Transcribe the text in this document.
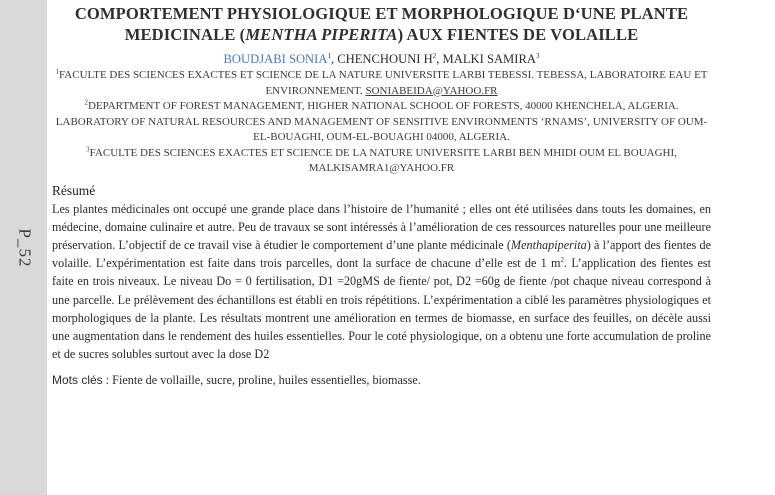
P_52
COMPORTEMENT PHYSIOLOGIQUE ET MORPHOLOGIQUE D‘UNE PLANTE
MEDICINALE (MENTHA PIPERITA) AUX FIENTES DE VOLAILLE
BOUDJABI SONIA$^1$, CHENCHOUNI $H^2$, MALKI SAMIRA$^3$

$^1$FACULTE DES SCIENCES EXACTES ET SCIENCE DE LA NATURE UNIVERSITE LARBI TEBESSI. TEBESSA, LABORATOIRE EAU ET ENVIRONNEMENT. SONIABEIDA@YAHOO.FR

$^2$DEPARTMENT OF FOREST MANAGEMENT, HIGHER NATIONAL SCHOOL OF FORESTS, 40000 KHENCHELA, ALGERIA.

LABORATORY OF NATURAL RESOURCES AND MANAGEMENT OF SENSITIVE ENVIRONMENTS ‘RNAMS’, UNIVERSITY OF OUM-EL-BOUAGHI, OUM-EL-BOUAGHI 04000, ALGERIA.

$^3$FACULTE DES SCIENCES EXACTES ET SCIENCE DE LA NATURE UNIVERSITE LARBI BEN MHIDI OUM EL BOUAGHI, MALKISAMRA1@YAHOO.FR

Résumé
Les plantes médicinales ont occupé une grande place dans l’histoire de l’humanité ; elles ont été utilisées dans touts les domaines, en médecine, domaine culinaire et autre. Peu de travaux se sont intéressés à l’amélioration de ces ressources naturelles pour une meilleure préservation. L’objectif de ce travail vise à étudier le comportement d’une plante médicinale (Menthapiperita) à l’apport des fientes de volaille. L’expérimentation est faite dans trois parcelles, dont la surface de chacune d’elle est de 1 $m^2$. L’application des fientes est faite en trois niveaux. Le niveau Do = 0 fertilisation, D1 =20gMS de fiente/ pot, D2 =60g de fiente /pot chaque niveau correspond à une parcelle. Le prélèvement des échantillons est établi en trois répétitions. L’expérimentation a ciblé les paramètres physiologiques et morphologiques de la plante. Les résultats montrent une amélioration en termes de biomasse, en surface des feuilles, on décèle aussi une augmentation dans le rendement des huiles essentielles. Pour le coté physiologique, on a obtenu une forte accumulation de proline et de sucres solubles surtout avec la dose D2
Mots clés : Fiente de vollaille, sucre, proline, huiles essentielles, biomasse.
